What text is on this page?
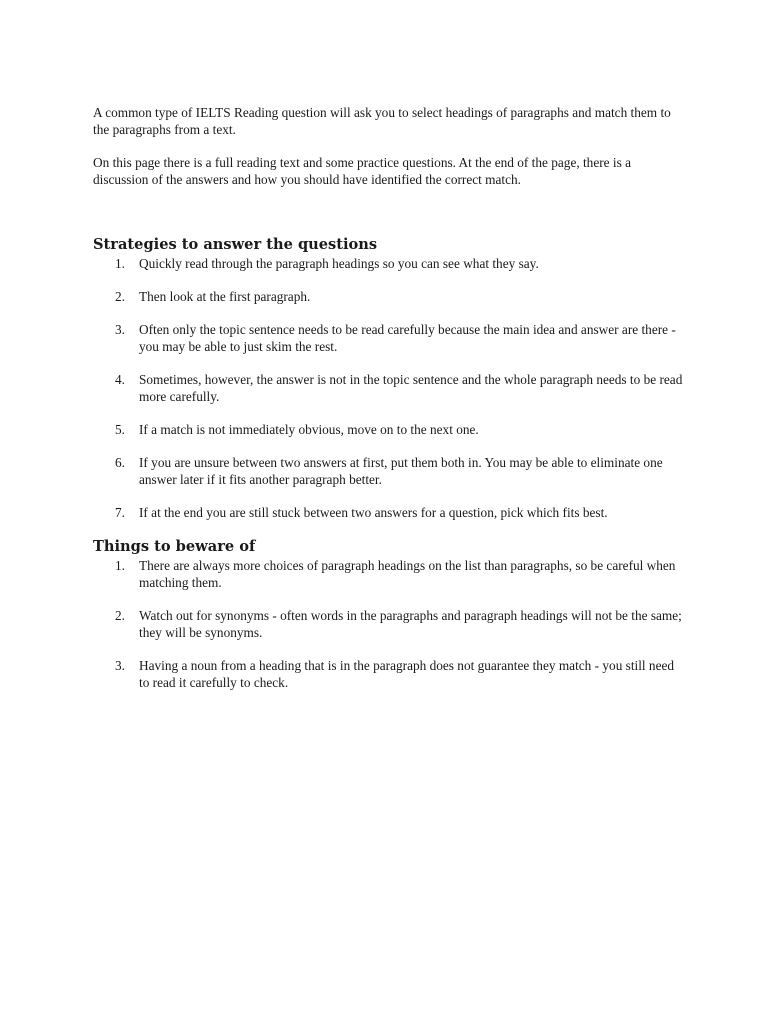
A common type of IELTS Reading question will ask you to select headings of paragraphs and match them to the paragraphs from a text.

On this page there is a full reading text and some practice questions. At the end of the page, there is a discussion of the answers and how you should have identified the correct match.

Strategies to answer the questions
1. Quickly read through the paragraph headings so you can see what they say.
2. Then look at the first paragraph.
3. Often only the topic sentence needs to be read carefully because the main idea and answer are there - you may be able to just skim the rest.
4. Sometimes, however, the answer is not in the topic sentence and the whole paragraph needs to be read more carefully.
5. If a match is not immediately obvious, move on to the next one.
6. If you are unsure between two answers at first, put them both in. You may be able to eliminate one answer later if it fits another paragraph better.
7. If at the end you are still stuck between two answers for a question, pick which fits best.
Things to beware of
1. There are always more choices of paragraph headings on the list than paragraphs, so be careful when matching them.
2. Watch out for synonyms - often words in the paragraphs and paragraph headings will not be the same; they will be synonyms.
3. Having a noun from a heading that is in the paragraph does not guarantee they match - you still need to read it carefully to check.
